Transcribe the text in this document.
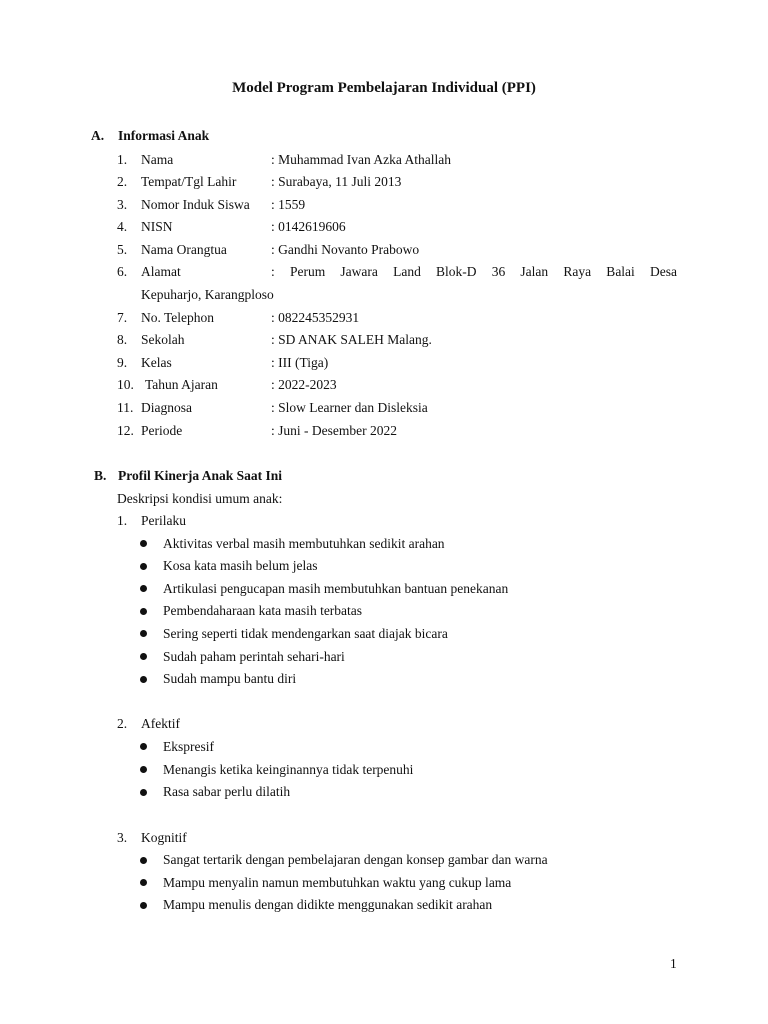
Model Program Pembelajaran Individual (PPI)
A. Informasi Anak
1. Nama	: Muhammad Ivan Azka Athallah
2. Tempat/Tgl Lahir	: Surabaya, 11 Juli 2013
3. Nomor Induk Siswa : 1559
4. NISN	: 0142619606
5. Nama Orangtua	: Gandhi Novanto Prabowo
6. Alamat	: Perum Jawara Land Blok-D 36 Jalan Raya Balai Desa
Kepuharjo, Karangploso
7. No. Telephon	: 082245352931
8. Sekolah	: SD ANAK SALEH Malang.
9. Kelas	: III (Tiga)
10. Tahun Ajaran	: 2022-2023
11. Diagnosa	: Slow Learner dan Disleksia
12. Periode	: Juni - Desember 2022
B. Profil Kinerja Anak Saat Ini
Deskripsi kondisi umum anak:
1. Perilaku
Aktivitas verbal masih membutuhkan sedikit arahan
Kosa kata masih belum jelas
Artikulasi pengucapan masih membutuhkan bantuan penekanan
Pembendaharaan kata masih terbatas
Sering seperti tidak mendengarkan saat diajak bicara
Sudah paham perintah sehari-hari
Sudah mampu bantu diri
2. Afektif
Ekspresif
Menangis ketika keinginannya tidak terpenuhi
Rasa sabar perlu dilatih
3. Kognitif
Sangat tertarik dengan pembelajaran dengan konsep gambar dan warna
Mampu menyalin namun membutuhkan waktu yang cukup lama
Mampu menulis dengan didikte menggunakan sedikit arahan
1
